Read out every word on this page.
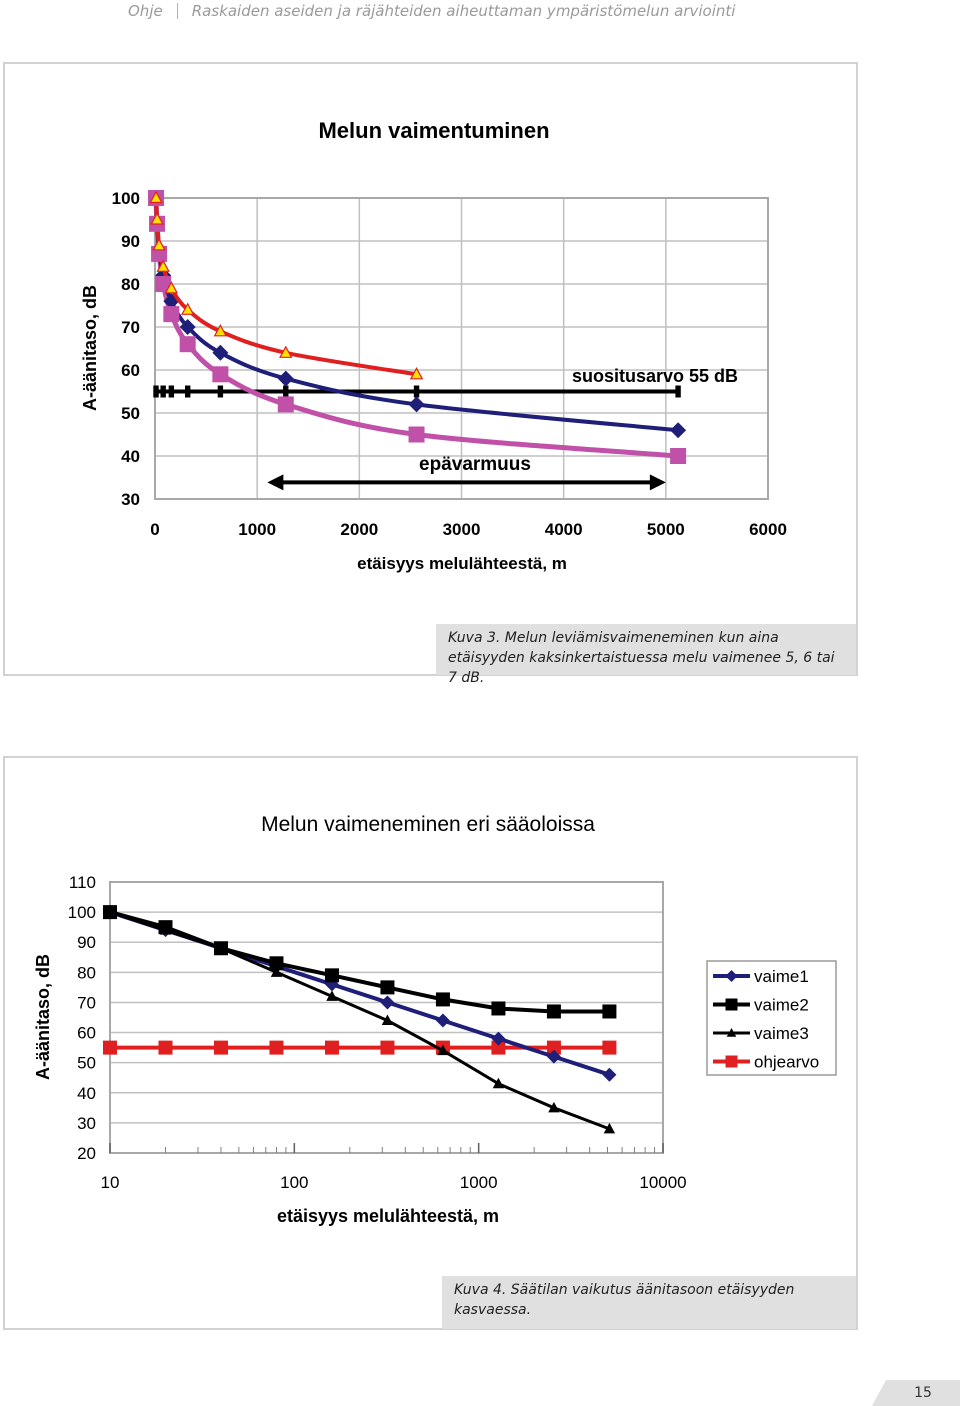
Ohje Raskaiden aseiden ja räjähteiden aiheuttaman ympäristömelun arviointi
0	1000	2000	3000	4000	5000	6000
100
90
80
70
60
50
40
30
Melun vaimentuminen
etäisyys melulähteestä, m
A-äänitaso, dB	suositusarvo 55 dB
epävarmuus
110
100
90
80
70
60
50
40
30
20
10	100	1000	10000
Melun vaimeneminen eri sääoloissa
etäisyys melulähteestä, m
A-äänitaso, dB	vaime1
vaime2
vaime3
ohjearvo
Kuva 3. Melun leviämisvaimeneminen kun aina etäisyyden kaksinkertaistuessa melu vaimenee 5, 6 tai 7 dB.
Kuva 4. Säätilan vaikutus äänitasoon etäisyyden kasvaessa.
15
